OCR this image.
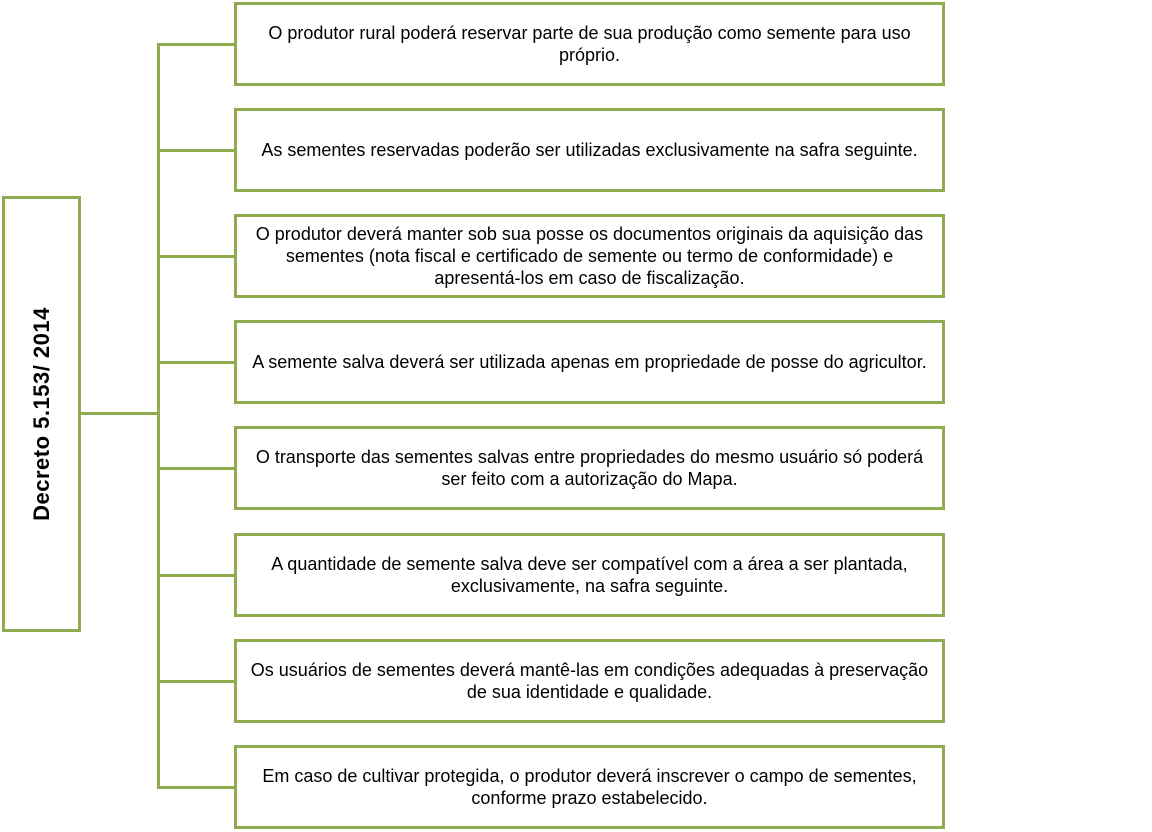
Decreto 5.153/ 2014
O produtor rural poderá reservar parte de sua produção como semente para uso próprio.
As sementes reservadas poderão ser utilizadas exclusivamente na safra seguinte.
O produtor deverá manter sob sua posse os documentos originais da aquisição das sementes (nota fiscal e certificado de semente ou termo de conformidade) e apresentá-los em caso de fiscalização.
A semente salva deverá ser utilizada apenas em propriedade de posse do agricultor.
O transporte das sementes salvas entre propriedades do mesmo usuário só poderá ser feito com a autorização do Mapa.
A quantidade de semente salva deve ser compatível com a área a ser plantada, exclusivamente, na safra seguinte.
Os usuários de sementes deverá mantê-las em condições adequadas à preservação de sua identidade e qualidade.
Em caso de cultivar protegida, o produtor deverá inscrever o campo de sementes, conforme prazo estabelecido.
